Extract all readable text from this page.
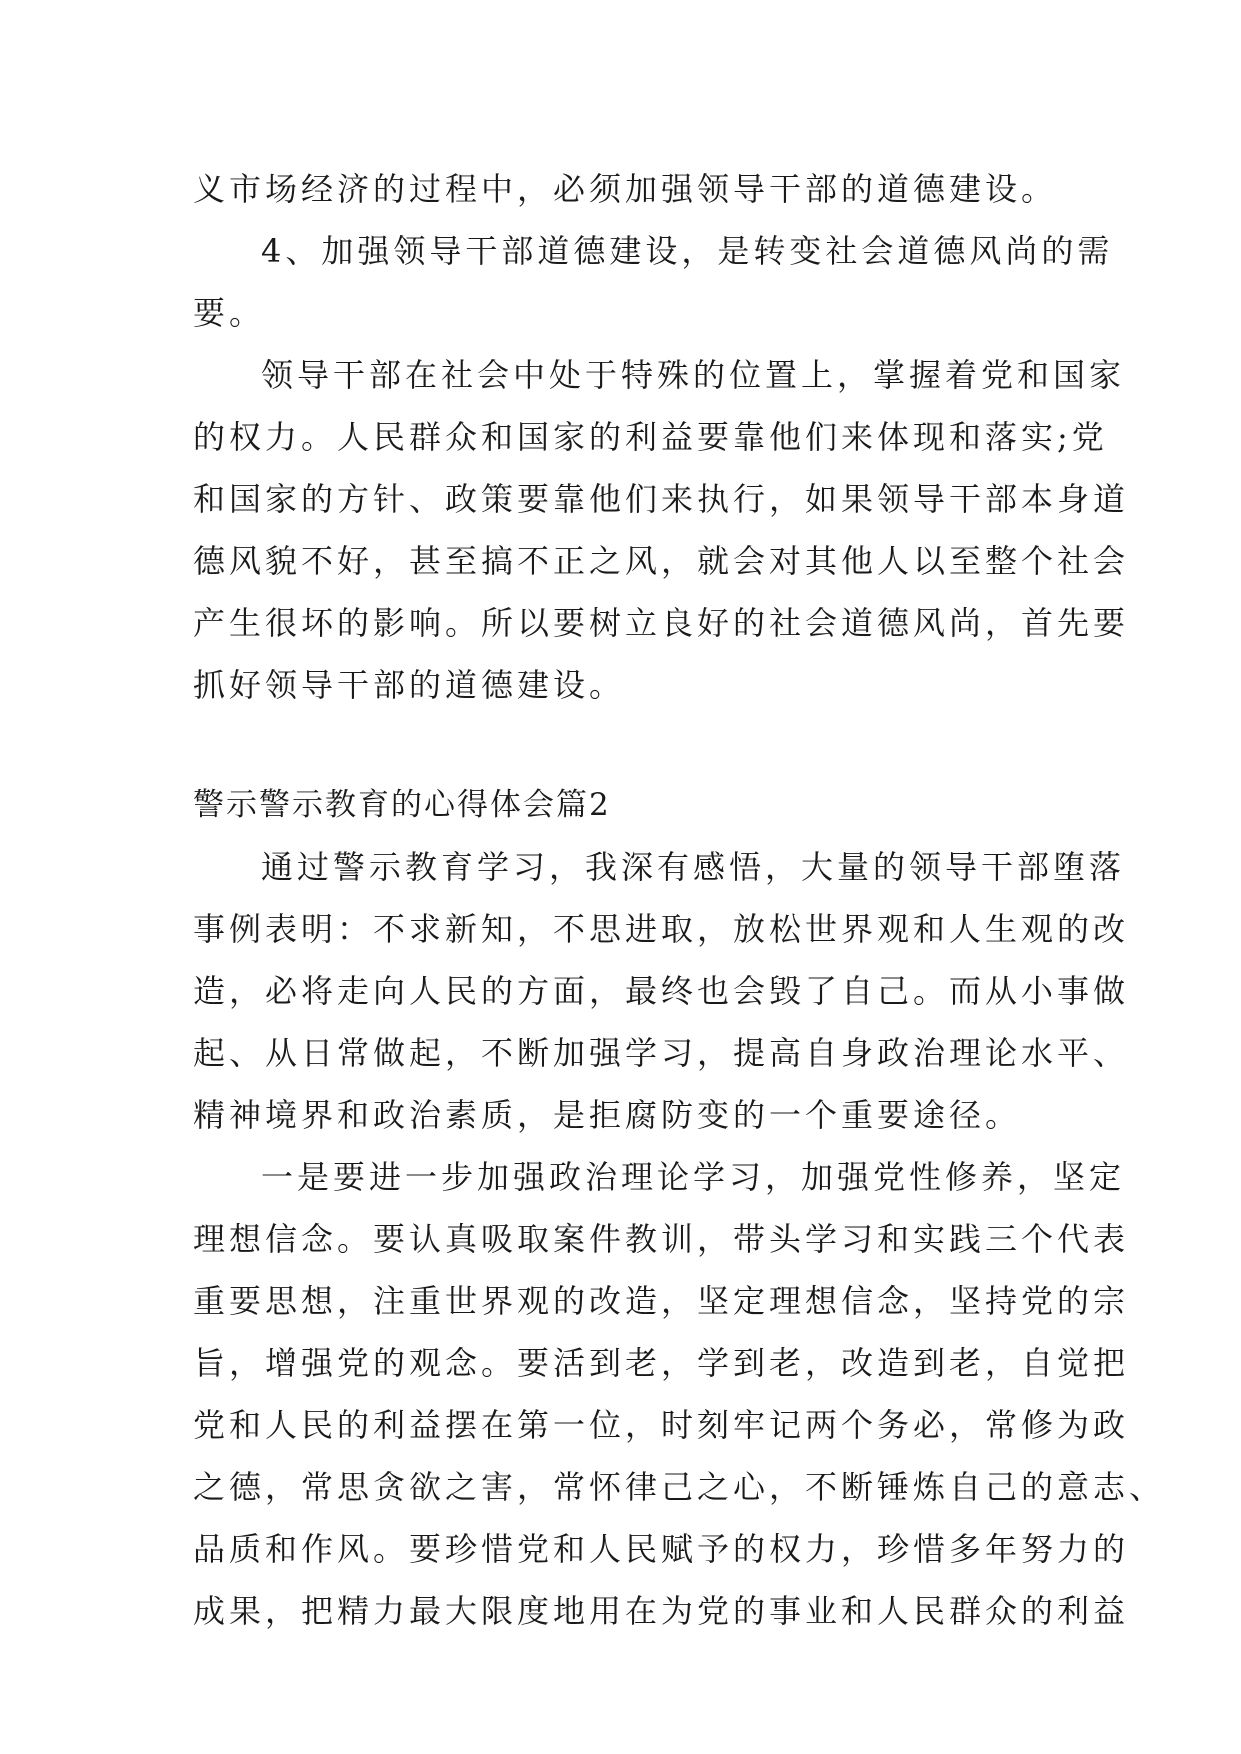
义市场经济的过程中，必须加强领导干部的道德建设。
4、加强领导干部道德建设，是转变社会道德风尚的需
要。
领导干部在社会中处于特殊的位置上，掌握着党和国家
的权力。人民群众和国家的利益要靠他们来体现和落实;党
和国家的方针、政策要靠他们来执行，如果领导干部本身道
德风貌不好，甚至搞不正之风，就会对其他人以至整个社会
产生很坏的影响。所以要树立良好的社会道德风尚，首先要
抓好领导干部的道德建设。
警示警示教育的心得体会篇2
通过警示教育学习，我深有感悟，大量的领导干部堕落
事例表明：不求新知，不思进取，放松世界观和人生观的改
造，必将走向人民的方面，最终也会毁了自己。而从小事做
起、从日常做起，不断加强学习，提高自身政治理论水平、
精神境界和政治素质，是拒腐防变的一个重要途径。
一是要进一步加强政治理论学习，加强党性修养，坚定
理想信念。要认真吸取案件教训，带头学习和实践三个代表
重要思想，注重世界观的改造，坚定理想信念，坚持党的宗
旨，增强党的观念。要活到老，学到老，改造到老，自觉把
党和人民的利益摆在第一位，时刻牢记两个务必，常修为政
之德，常思贪欲之害，常怀律己之心，不断锤炼自己的意志、
品质和作风。要珍惜党和人民赋予的权力，珍惜多年努力的
成果，把精力最大限度地用在为党的事业和人民群众的利益
